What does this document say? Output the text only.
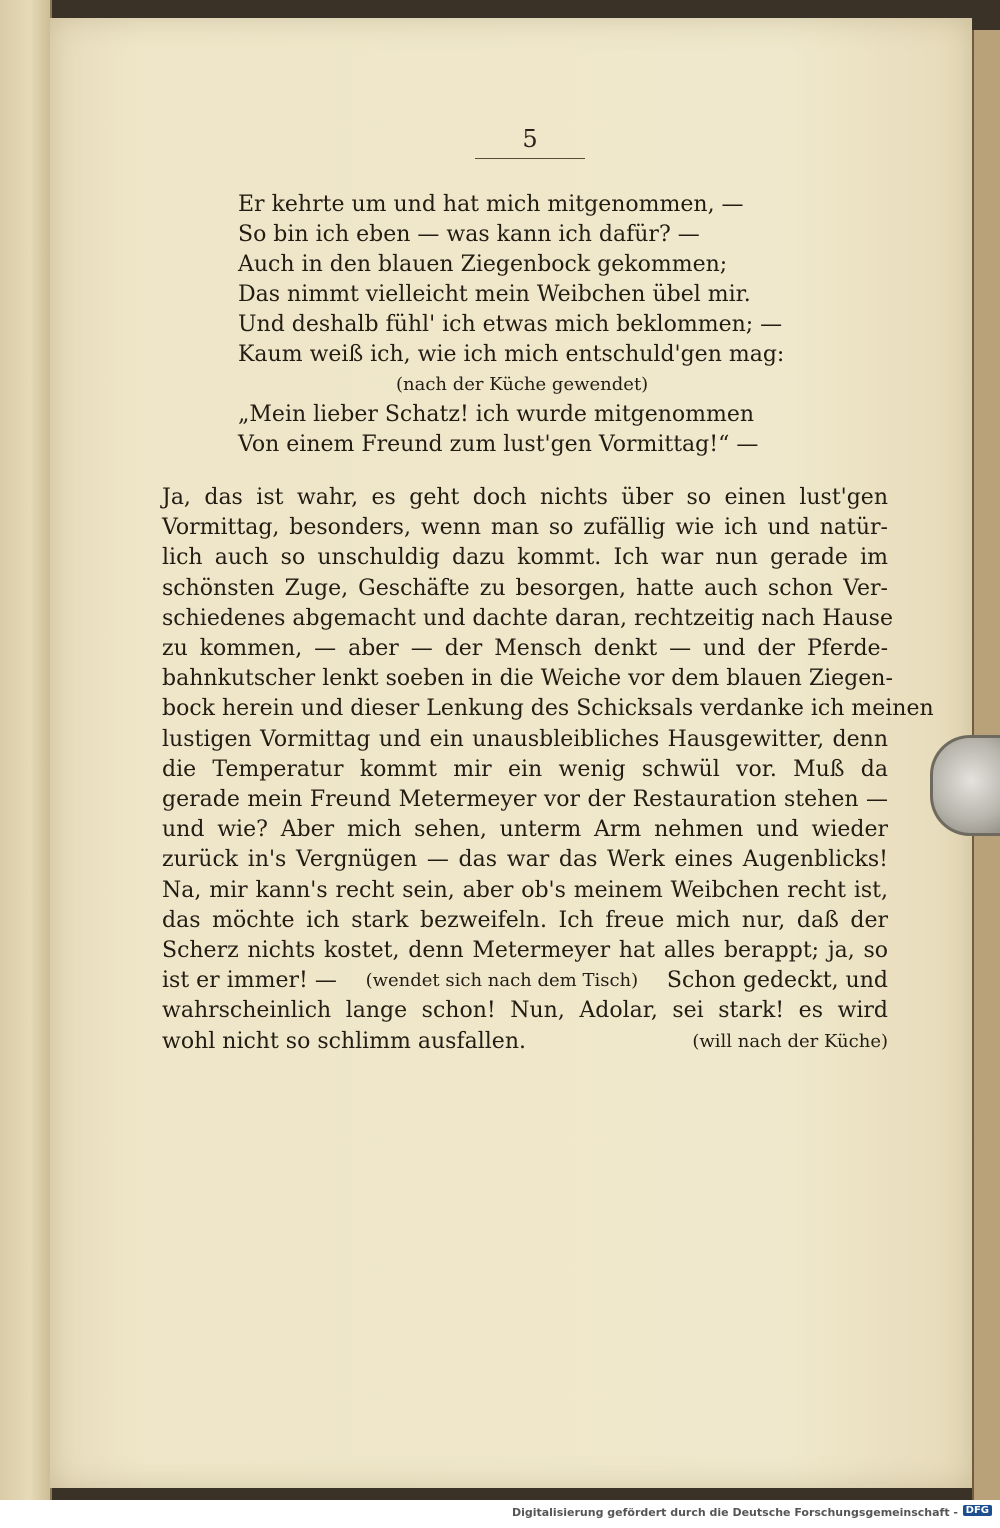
5
Er kehrte um und hat mich mitgenommen, —
So bin ich eben — was kann ich dafür? —
Auch in den blauen Ziegenbock gekommen;
Das nimmt vielleicht mein Weibchen übel mir.
Und deshalb fühl' ich etwas mich beklommen; —
Kaum weiß ich, wie ich mich entschuld'gen mag:
(nach der Küche gewendet)
„Mein lieber Schatz! ich wurde mitgenommen
Von einem Freund zum lust'gen Vormittag!“ —
Ja, das ist wahr, es geht doch nichts über so einen lust'gen
Vormittag, besonders, wenn man so zufällig wie ich und natür-
lich auch so unschuldig dazu kommt. Ich war nun gerade im
schönsten Zuge, Geschäfte zu besorgen, hatte auch schon Ver-
schiedenes abgemacht und dachte daran, rechtzeitig nach Hause
zu kommen, — aber — der Mensch denkt — und der Pferde-
bahnkutscher lenkt soeben in die Weiche vor dem blauen Ziegen-
bock herein und dieser Lenkung des Schicksals verdanke ich meinen
lustigen Vormittag und ein unausbleibliches Hausgewitter, denn
die Temperatur kommt mir ein wenig schwül vor. Muß da
gerade mein Freund Metermeyer vor der Restauration stehen —
und wie? Aber mich sehen, unterm Arm nehmen und wieder
zurück in's Vergnügen — das war das Werk eines Augenblicks!
Na, mir kann's recht sein, aber ob's meinem Weibchen recht ist,
das möchte ich stark bezweifeln. Ich freue mich nur, daß der
Scherz nichts kostet, denn Metermeyer hat alles berappt; ja, so
ist er immer! — (wendet sich nach dem Tisch) Schon gedeckt, und
wahrscheinlich lange schon! Nun, Adolar, sei stark! es wird
wohl nicht so schlimm ausfallen.	(will nach der Küche)
Digitalisierung gefördert durch die Deutsche Forschungsgemeinschaft - DFG
